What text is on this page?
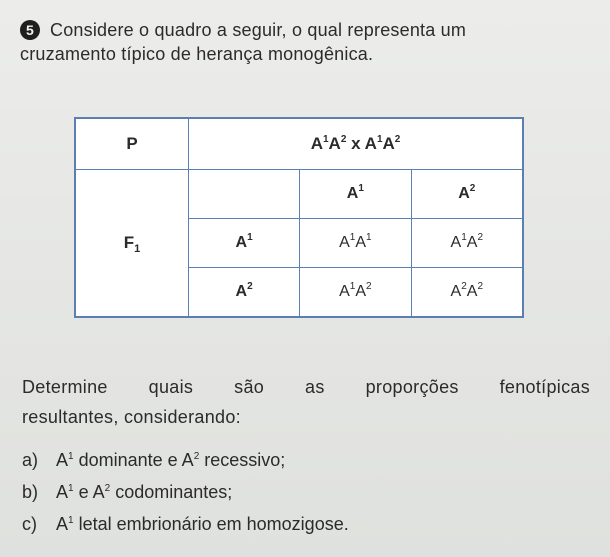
5 Considere o quadro a seguir, o qual representa um
cruzamento típico de herança monogênica.
P	$A^1A^2$ x $A^1A^2$
$F_1$		$A^1$	$A^2$
	$A^1$	$A^1A^1$	$A^1A^2$
	$A^2$	$A^1A^2$	$A^2A^2$
Determine quais são as proporções fenotípicas
resultantes, considerando:
a) $A^1$ dominante e $A^2$ recessivo;
b) $A^1$ e $A^2$ codominantes;
c) $A^1$ letal embrionário em homozigose.
